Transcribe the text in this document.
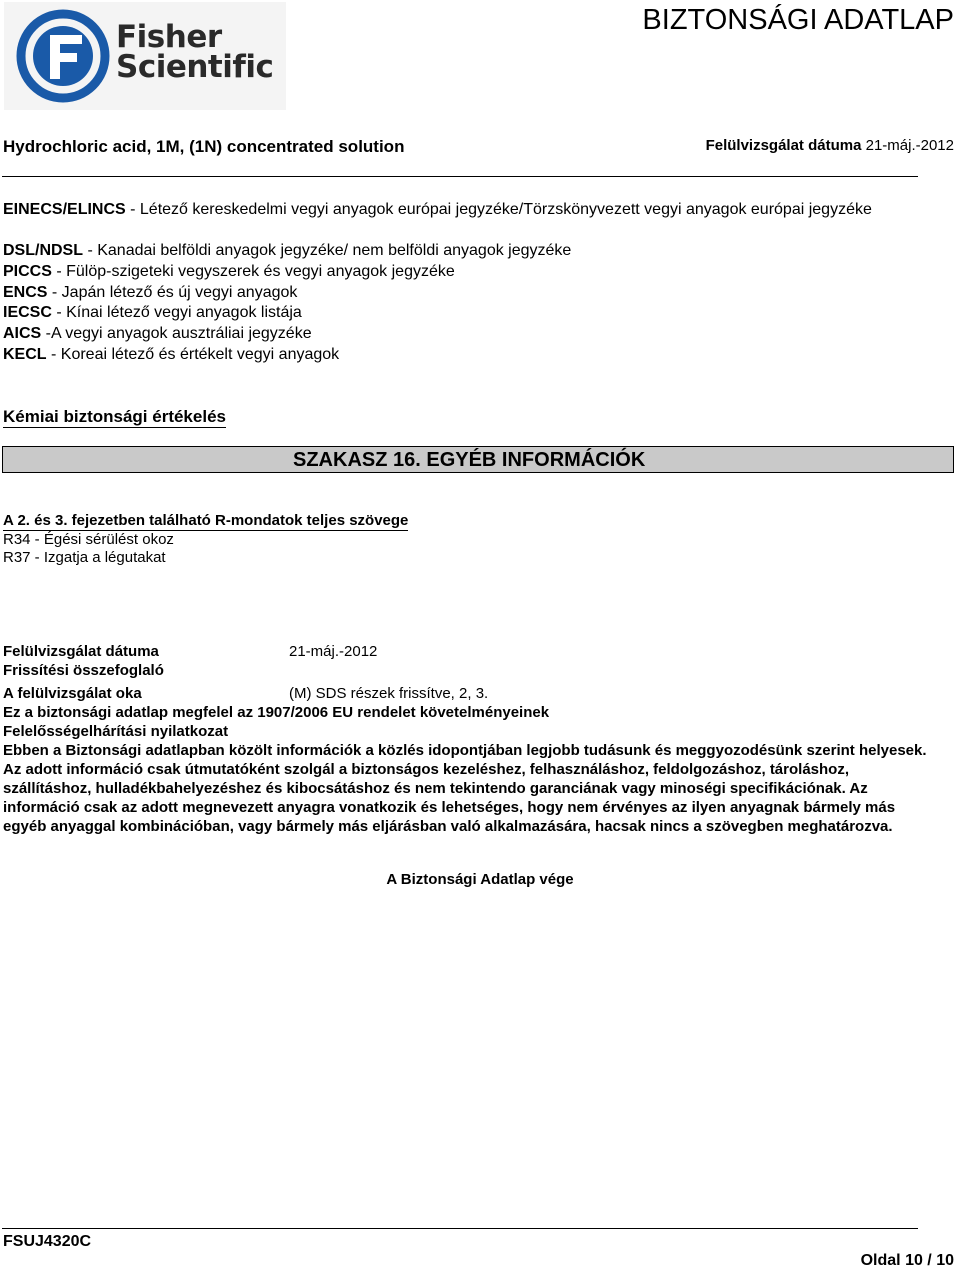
Fisher
Scientific
BIZTONSÁGI ADATLAP
Hydrochloric acid, 1M, (1N) concentrated solution	Felülvizsgálat dátuma 21-máj.-2012
EINECS/ELINCS - Létező kereskedelmi vegyi anyagok európai jegyzéke/Törzskönyvezett vegyi anyagok európai jegyzéke
DSL/NDSL - Kanadai belföldi anyagok jegyzéke/ nem belföldi anyagok jegyzéke
PICCS - Fülöp-szigeteki vegyszerek és vegyi anyagok jegyzéke
ENCS - Japán létező és új vegyi anyagok
IECSC - Kínai létező vegyi anyagok listája
AICS -A vegyi anyagok ausztráliai jegyzéke
KECL - Koreai létező és értékelt vegyi anyagok
Kémiai biztonsági értékelés
SZAKASZ 16. EGYÉB INFORMÁCIÓK
A 2. és 3. fejezetben található R-mondatok teljes szövege
R34 - Égési sérülést okoz
R37 - Izgatja a légutakat
Felülvizsgálat dátuma	21-máj.-2012
Frissítési összefoglaló
A felülvizsgálat oka	(M) SDS részek frissítve, 2, 3.
Ez a biztonsági adatlap megfelel az 1907/2006 EU rendelet követelményeinek
Felelősségelhárítási nyilatkozat
Ebben a Biztonsági adatlapban közölt információk a közlés idopontjában legjobb tudásunk és meggyozodésünk szerint helyesek. Az adott információ csak útmutatóként szolgál a biztonságos kezeléshez, felhasználáshoz, feldolgozáshoz, tároláshoz, szállításhoz, hulladékbahelyezéshez és kibocsátáshoz és nem tekintendo garanciának vagy minoségi specifikációnak. Az információ csak az adott megnevezett anyagra vonatkozik és lehetséges, hogy nem érvényes az ilyen anyagnak bármely más egyéb anyaggal kombinációban, vagy bármely más eljárásban való alkalmazására, hacsak nincs a szövegben meghatározva.
A Biztonsági Adatlap vége
FSUJ4320C
Oldal 10 / 10
